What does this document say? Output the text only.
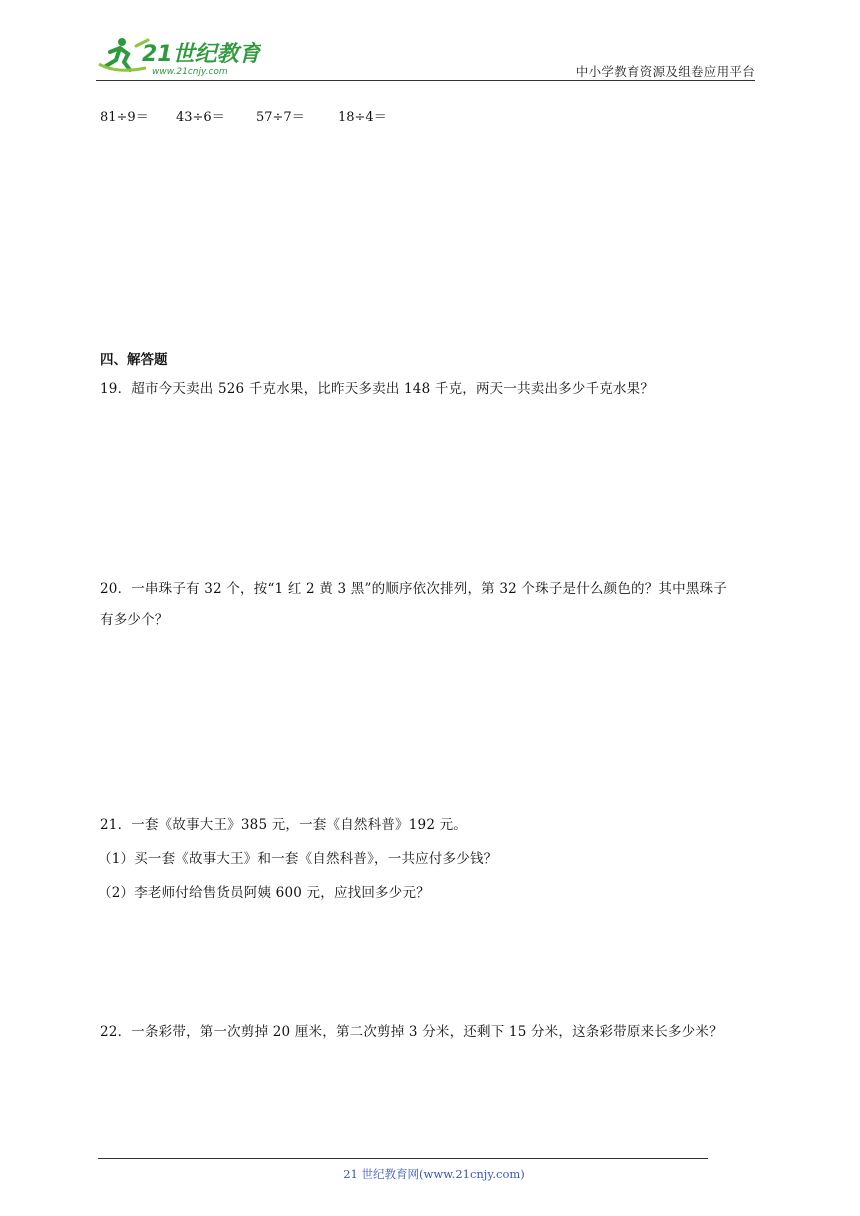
21世纪教育
www.21cnjy.com	中小学教育资源及组卷应用平台
81÷9＝ 43÷6＝ 57÷7＝	18÷4＝
四、解答题
19．超市今天卖出 526 千克水果，比昨天多卖出 148 千克，两天一共卖出多少千克水果？
20．一串珠子有 32 个，按“1 红 2 黄 3 黑”的顺序依次排列，第 32 个珠子是什么颜色的？其中黑珠子
有多少个？
21．一套《故事大王》385 元，一套《自然科普》192 元。
（1）买一套《故事大王》和一套《自然科普》，一共应付多少钱？
（2）李老师付给售货员阿姨 600 元，应找回多少元？
22．一条彩带，第一次剪掉 20 厘米，第二次剪掉 3 分米，还剩下 15 分米，这条彩带原来长多少米？
21 世纪教育网(www.21cnjy.com)
